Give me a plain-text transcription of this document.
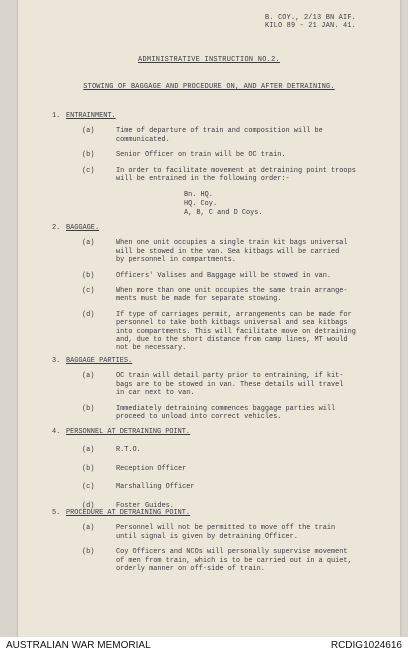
B. COY., 2/13 BN AIF.
KILO 89 - 21 JAN. 41.
ADMINISTRATIVE INSTRUCTION NO.2.
STOWING OF BAGGAGE AND PROCEDURE ON, AND AFTER DETRAINING.
1. ENTRAINMENT.
(a)	Time of departure of train and composition will be
communicated.
(b)	Senior Officer on train will be OC train.
(c)	In order to facilitate movement at detraining point troops
will be entrained in the following order:-
Bn. HQ.
HQ. Coy.
A, B, C and D Coys.
2. BAGGAGE.
(a)	When one unit occupies a single train kit bags universal
will be stowed in the van. Sea kitbags will be carried
by personnel in compartments.
(b)	Officers' Valises and Baggage will be stowed in van.
(c)	When more than one unit occupies the same train arrange-
ments must be made for separate stowing.
(d)	If type of carriages permit, arrangements can be made for
personnel to take both kitbags universal and sea kitbags
into compartments. This will facilitate move on detraining
and, due to the short distance from camp lines, MT would
not be necessary.
3. BAGGAGE PARTIES.
(a)	OC train will detail party prior to entraining, if kit-
bags are to be stowed in van. These details will travel
in car next to van.
(b)	Immediately detraining commences baggage parties will
proceed to unload into correct vehicles.
4. PERSONNEL AT DETRAINING POINT.
(a)	R.T.O.
(b)	Reception Officer
(c)	Marshalling Officer
(d)	Foster Guides.
5. PROCEDURE AT DETRAINING POINT.
(a)	Personnel will not be permitted to move off the train
until signal is given by detraining Officer.
(b)	Coy Officers and NCOs will personally supervise movement
of men from train, which is to be carried out in a quiet,
orderly manner on off-side of train.
AUSTRALIAN WAR MEMORIAL	RCDIG1024616
